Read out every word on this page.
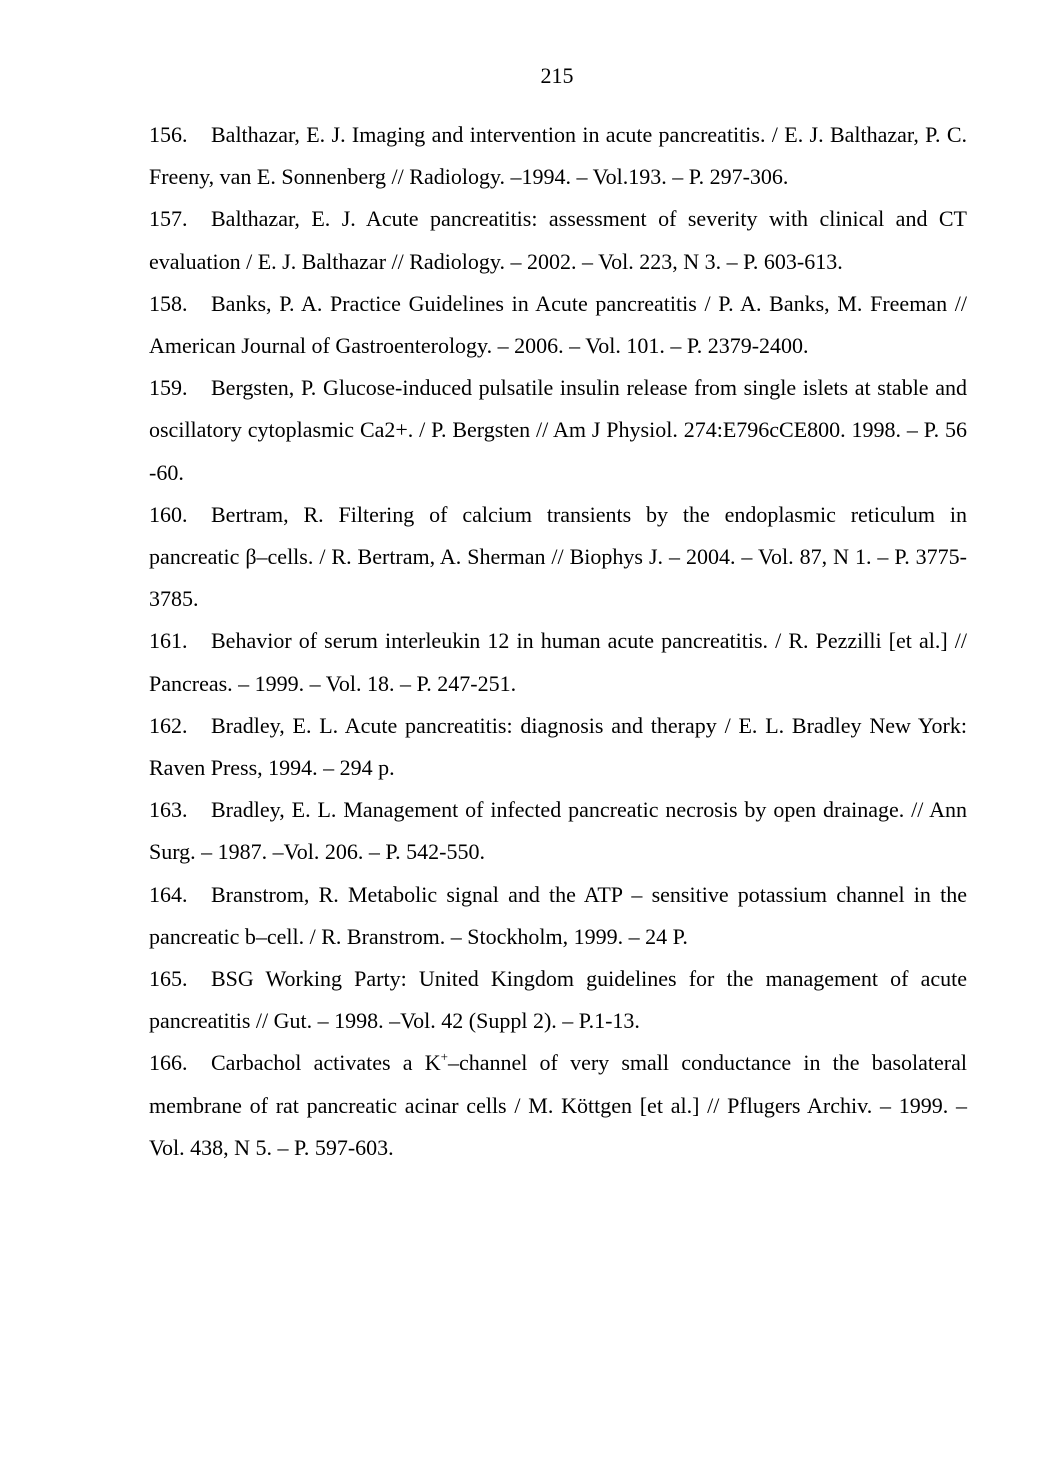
215

156. Balthazar, E. J. Imaging and intervention in acute pancreatitis. / E. J. Balthazar, P. C. Freeny, van E. Sonnenberg // Radiology. –1994. – Vol.193. – P. 297-306.

157. Balthazar, E. J. Acute pancreatitis: assessment of severity with clinical and CT evaluation / E. J. Balthazar // Radiology. – 2002. – Vol. 223, N 3. – P. 603-613.

158. Banks, P. A. Practice Guidelines in Acute pancreatitis / P. A. Banks, M. Freeman // American Journal of Gastroenterology. – 2006. – Vol. 101. – P. 2379-2400.

159. Bergsten, P. Glucose-induced pulsatile insulin release from single islets at stable and oscillatory cytoplasmic Ca2+. / P. Bergsten // Am J Physiol. 274:E796cCE800. 1998. – P. 56 -60.

160. Bertram, R. Filtering of calcium transients by the endoplasmic reticulum in pancreatic β–cells. / R. Bertram, A. Sherman // Biophys J. – 2004. – Vol. 87, N 1. – P. 3775-3785.

161. Behavior of serum interleukin 12 in human acute pancreatitis. / R. Pezzilli [et al.] // Pancreas. – 1999. – Vol. 18. – P. 247-251.

162. Bradley, E. L. Acute pancreatitis: diagnosis and therapy / E. L. Bradley New York: Raven Press, 1994. – 294 p.

163. Bradley, E. L. Management of infected pancreatic necrosis by open drainage. // Ann Surg. – 1987. –Vol. 206. – P. 542-550.

164. Branstrom, R. Metabolic signal and the ATP – sensitive potassium channel in the pancreatic b–cell. / R. Branstrom. – Stockholm, 1999. – 24 P.

165. BSG Working Party: United Kingdom guidelines for the management of acute pancreatitis // Gut. – 1998. –Vol. 42 (Suppl 2). – P.1-13.

166. Carbachol activates a K+–channel of very small conductance in the basolateral membrane of rat pancreatic acinar cells / M. Köttgen [et al.] // Pflugers Archiv. – 1999. – Vol. 438, N 5. – P. 597-603.
